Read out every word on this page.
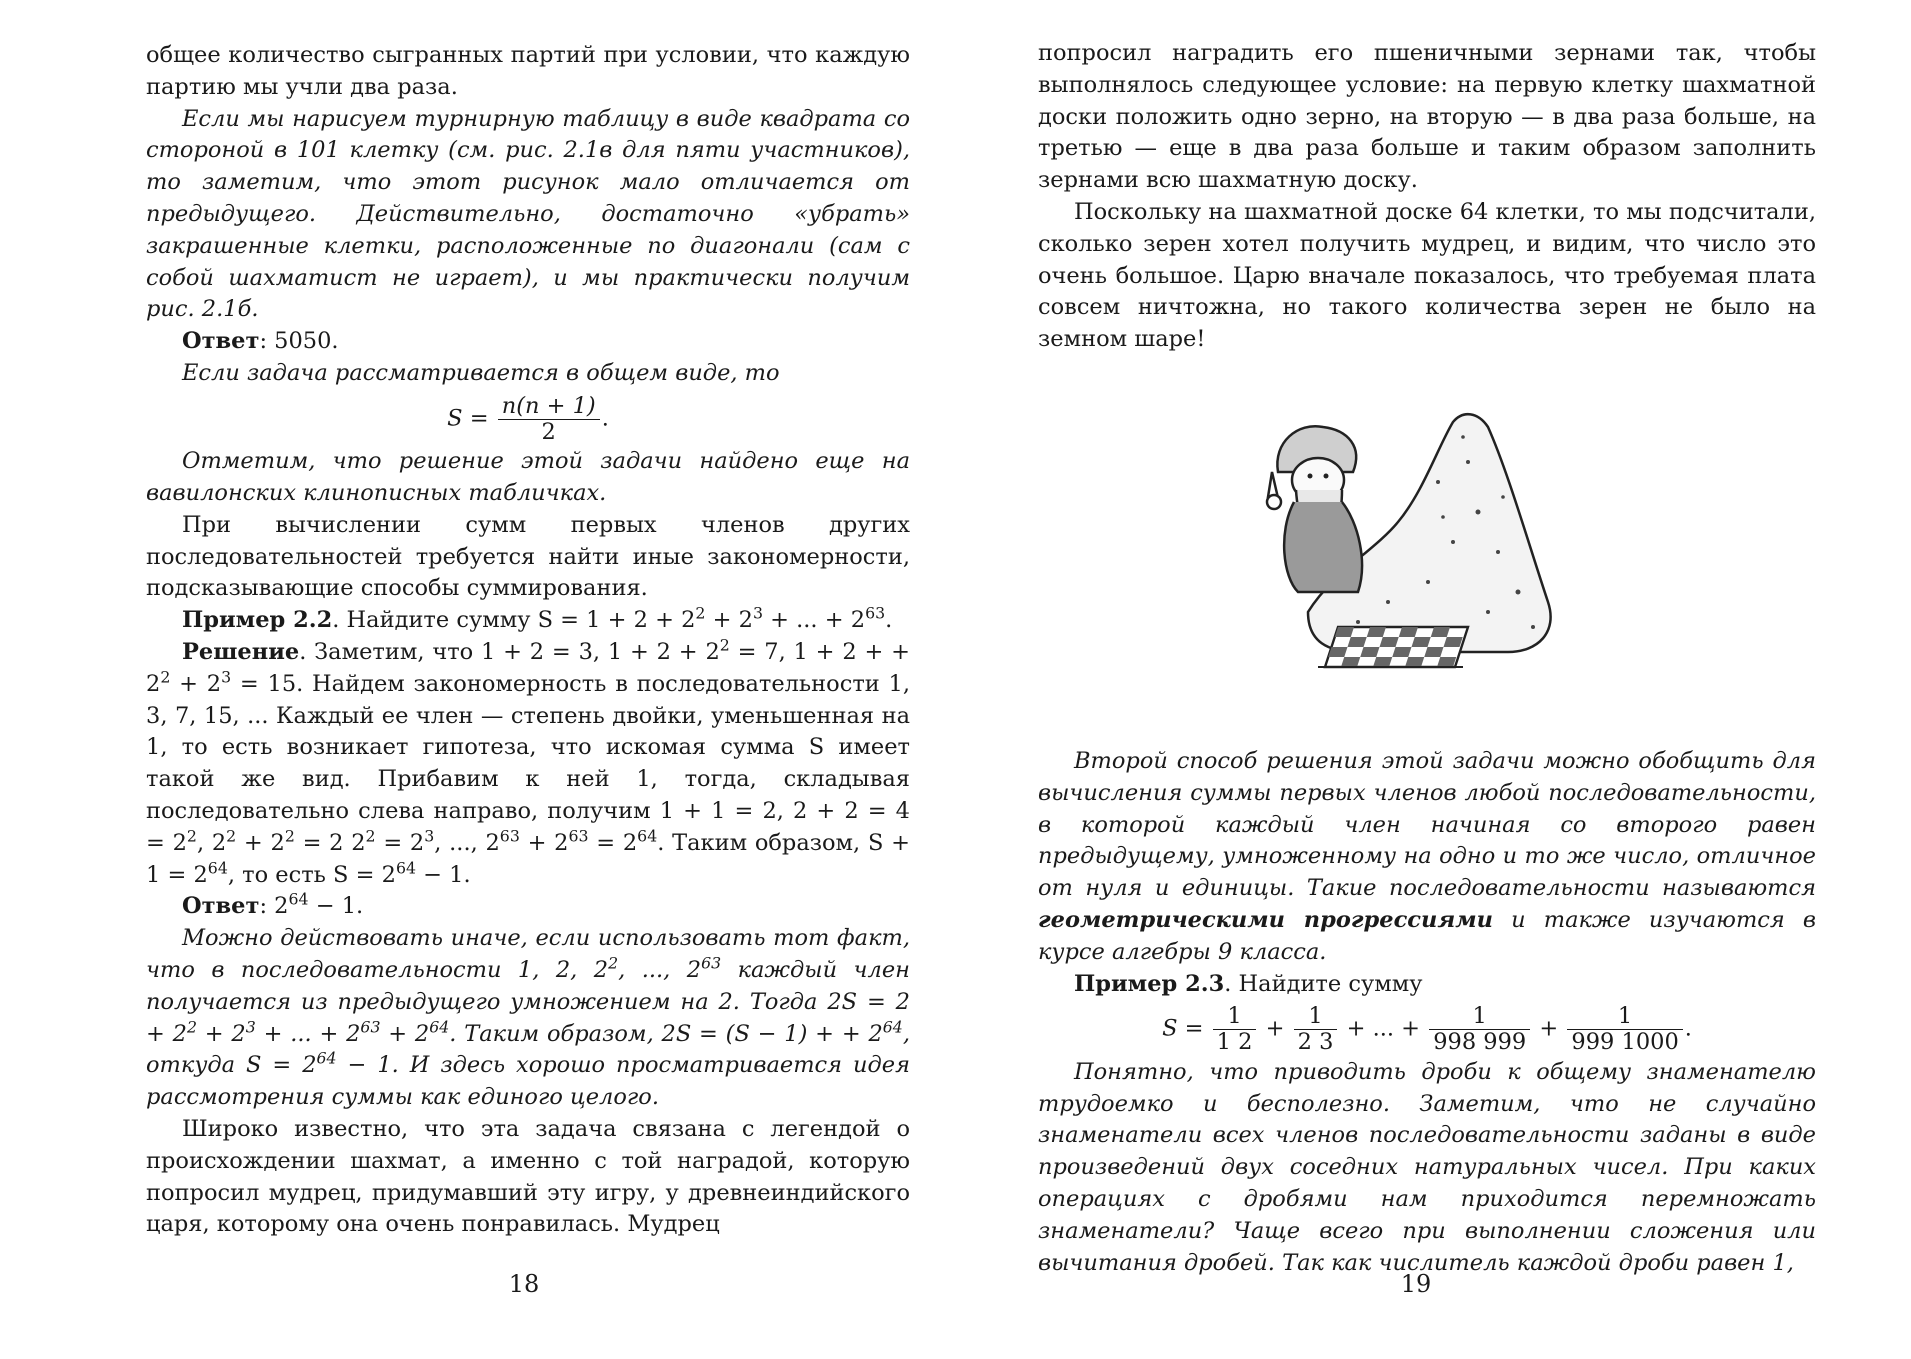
общее количество сыгранных партий при условии, что каждую партию мы учли два раза.

Если мы нарисуем турнирную таблицу в виде квадрата со стороной в 101 клетку (см. рис. 2.1в для пяти участников), то заметим, что этот рисунок мало отличается от предыдущего. Действительно, достаточно «убрать» закрашенные клетки, расположенные по диагонали (сам с собой шахматист не играет), и мы практически получим рис. 2.1б.

Ответ: 5050.

Если задача рассматривается в общем виде, то

$S = \frac{n(n + 1)}{2}$ .

Отметим, что решение этой задачи найдено еще на вавилонских клинописных табличках.

При вычислении сумм первых членов других последовательностей требуется найти иные закономерности, подсказывающие способы суммирования.

Пример 2.2. Найдите сумму $S = 1 + 2 + 2^2 + 2^3$ + ... + $2^{63}$.

Решение. Заметим, что 1 + 2 = 3, $1 + 2 + 2^2 = 7$, 1 + 2 + + $2^2 + 2^3 = 15$. Найдем закономерность в последовательности 1, 3, 7, 15, ... Каждый ее член — степень двойки, уменьшенная на 1, то есть возникает гипотеза, что искомая сумма S имеет такой же вид. Прибавим к ней 1, тогда, складывая последовательно слева направо, получим 1 + 1 = 2, $2 + 2 = 4 = 2^2$, $2^2 + 2^2 = 2$ $2^2 = 2^3$, ..., $2^{63} + 2^{63} = 2^{64}$. Таким образом, $S + 1 = 2^{64}$, то есть $S = 2^{64} - 1$.

Ответ: $2^{64} - 1$.

Можно действовать иначе, если использовать тот факт, что в последовательности 1, 2, $2^2$, ..., $2^{63}$ каждый член получается из предыдущего умножением на 2. Тогда $2S = 2 + 2^2 + 2^3$ + ... + $2^{63} + 2^{64}$. Таким образом, 2S = (S − 1) + + $2^{64}$, откуда $S = 2^{64} - 1$. И здесь хорошо просматривается идея рассмотрения суммы как единого целого.

Широко известно, что эта задача связана с легендой о происхождении шахмат, а именно с той наградой, которую попросил мудрец, придумавший эту игру, у древнеиндийского царя, которому она очень понравилась. Мудрец

18

попросил наградить его пшеничными зернами так, чтобы выполнялось следующее условие: на первую клетку шахматной доски положить одно зерно, на вторую — в два раза больше, на третью — еще в два раза больше и таким образом заполнить зернами всю шахматную доску.

Поскольку на шахматной доске 64 клетки, то мы подсчитали, сколько зерен хотел получить мудрец, и видим, что число это очень большое. Царю вначале показалось, что требуемая плата совсем ничтожна, но такого количества зерен не было на земном шаре!

Второй способ решения этой задачи можно обобщить для вычисления суммы первых членов любой последовательности, в которой каждый член начиная со второго равен предыдущему, умноженному на одно и то же число, отличное от нуля и единицы. Такие последовательности называются геометрическими прогрессиями и также изучаются в курсе алгебры 9 класса.

Пример 2.3. Найдите сумму

$S = \frac{1}{1 2} + \frac{1}{2 3}$ + ... + $\frac{1}{998 999} + \frac{1}{999 1000}$ .

Понятно, что приводить дроби к общему знаменателю трудоемко и бесполезно. Заметим, что не случайно знаменатели всех членов последовательности заданы в виде произведений двух соседних натуральных чисел. При каких операциях с дробями нам приходится перемножать знаменатели? Чаще всего при выполнении сложения или вычитания дробей. Так как числитель каждой дроби равен 1,

19
